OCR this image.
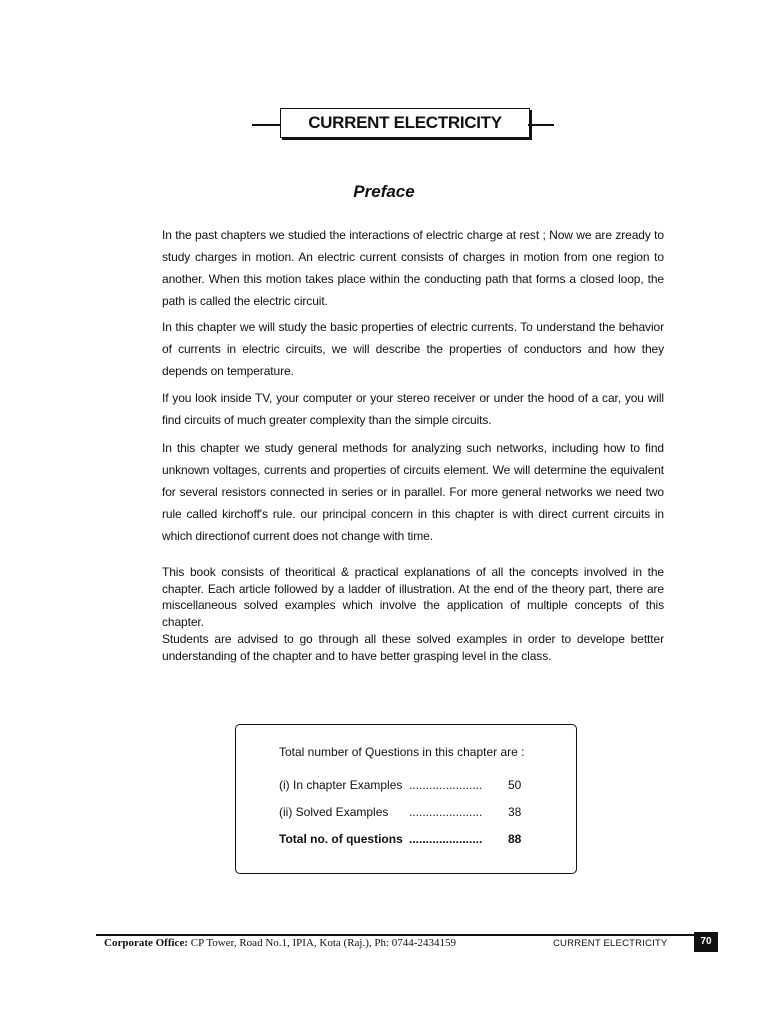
CURRENT ELECTRICITY
Preface

In the past chapters we studied the interactions of electric charge at rest ; Now we are zready to study charges in motion. An electric current consists of charges in motion from one region to another. When this motion takes place within the conducting path that forms a closed loop, the path is called the electric circuit.

In this chapter we will study the basic properties of electric currents. To understand the behavior of currents in electric circuits, we will describe the properties of conductors and how they depends on temperature.

If you look inside TV, your computer or your stereo receiver or under the hood of a car, you will find circuits of much greater complexity than the simple circuits.

In this chapter we study general methods for analyzing such networks, including how to find unknown voltages, currents and properties of circuits element. We will determine the equivalent for several resistors connected in series or in parallel. For more general networks we need two rule called kirchoff's rule. our principal concern in this chapter is with direct current circuits in which directionof current does not change with time.

This book consists of theoritical & practical explanations of all the concepts involved in the chapter. Each article followed by a ladder of illustration. At the end of the theory part, there are miscellaneous solved examples which involve the application of multiple concepts of this chapter.

Students are advised to go through all these solved examples in order to develope bettter understanding of the chapter and to have better grasping level in the class.

Total number of Questions in this chapter are :
(i) In chapter Examples ...................... 50
(ii) Solved Examples ...................... 38
Total no. of questions ...................... 88
Corporate Office: CP Tower, Road No.1, IPIA, Kota (Raj.), Ph: 0744-2434159	CURRENT ELECTRICITY	70
